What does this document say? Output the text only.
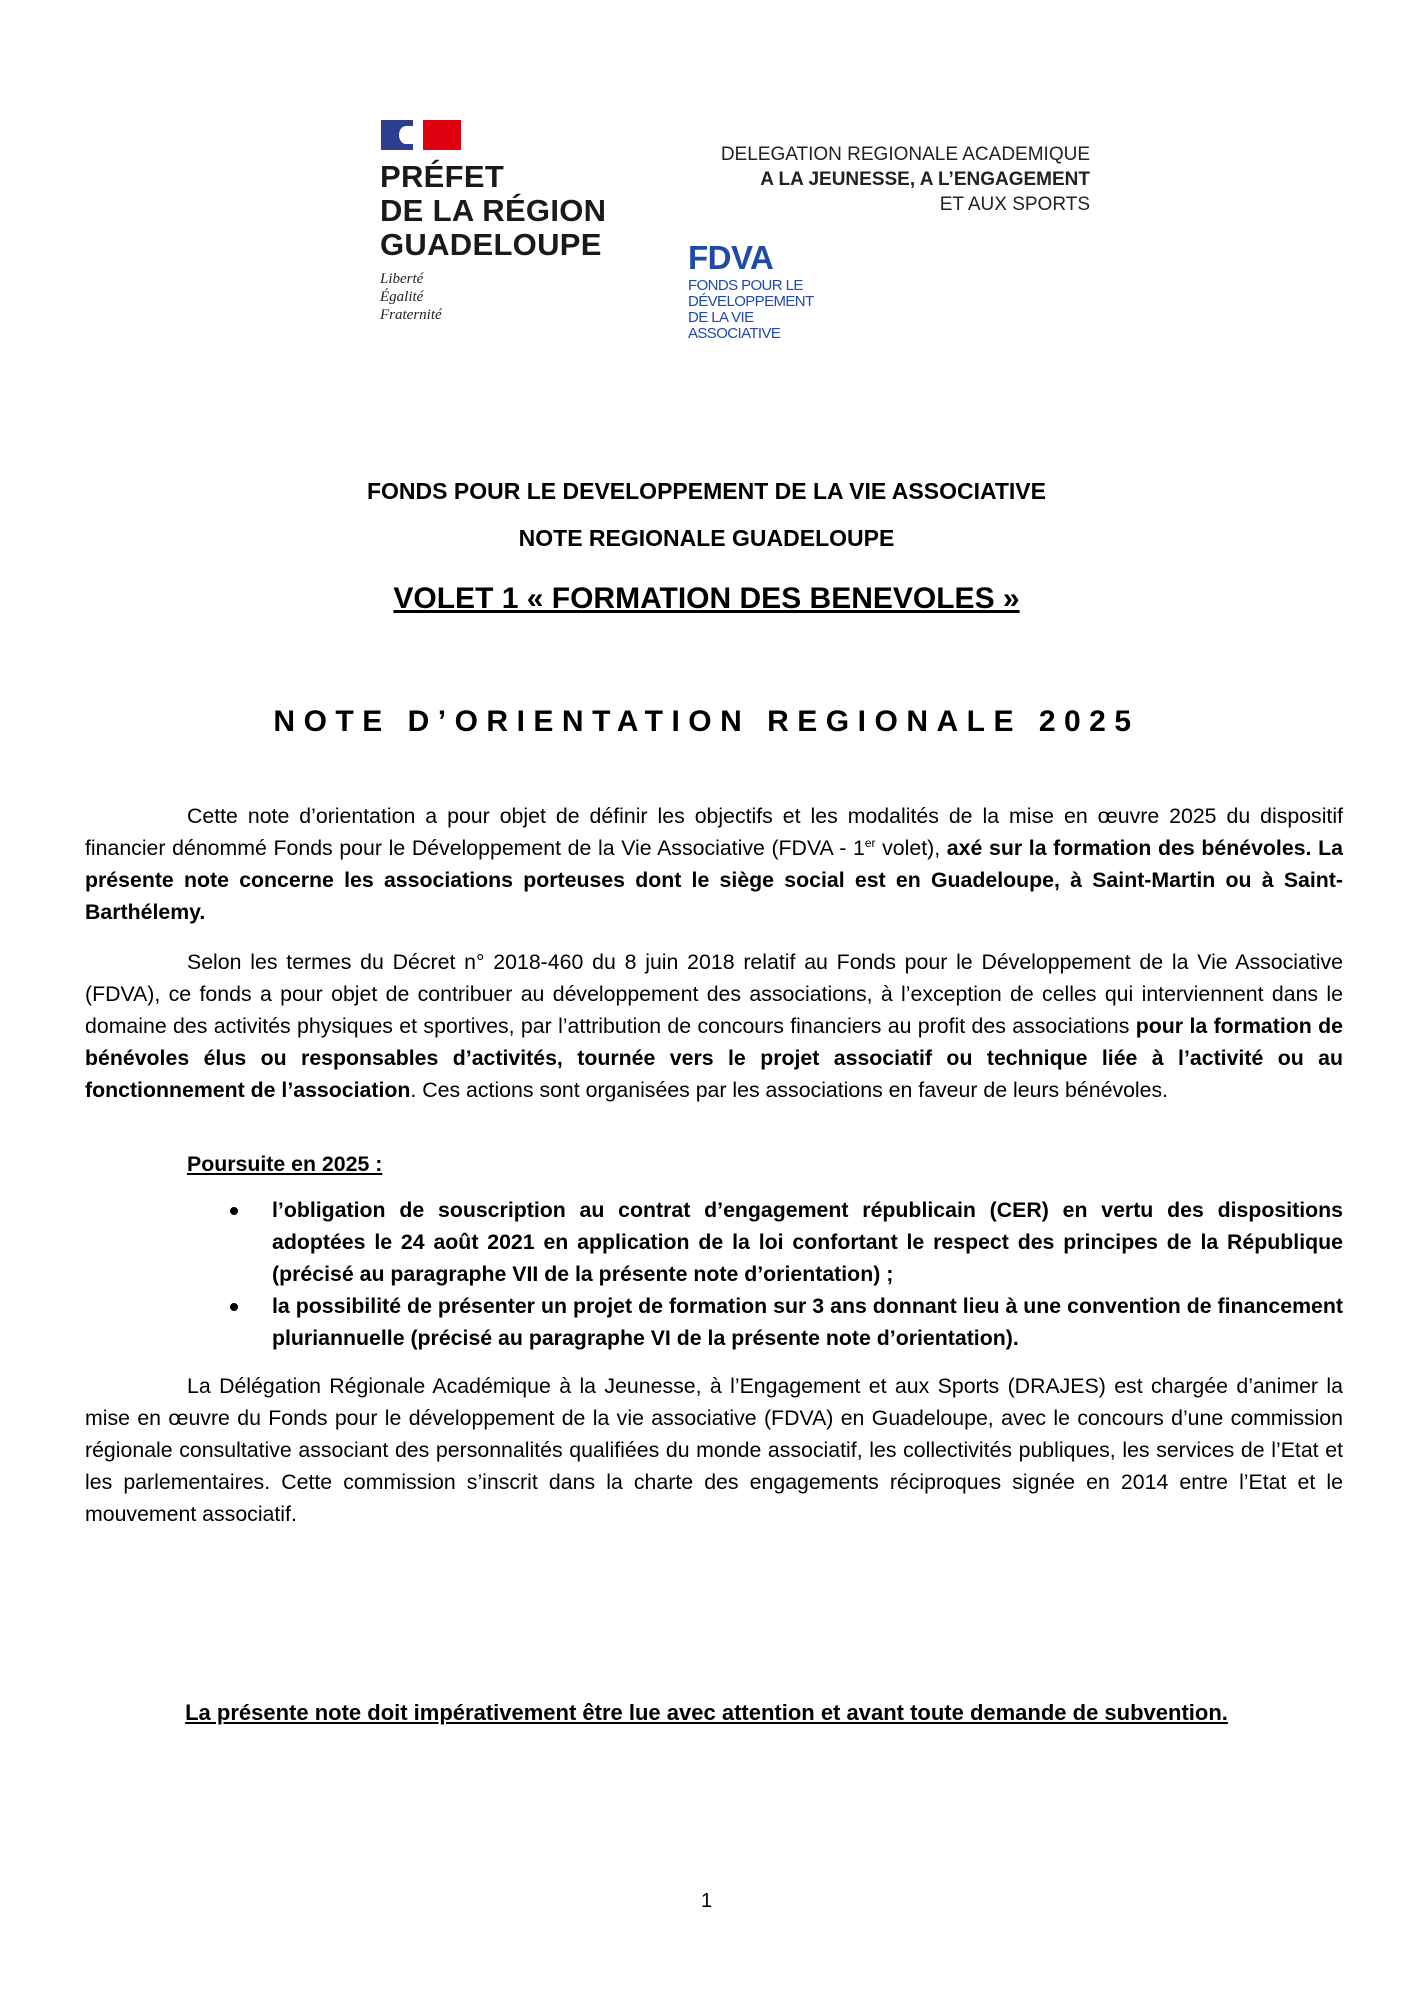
PRÉFET
DE LA RÉGION
GUADELOUPE
Liberté
Égalité
Fraternité
DELEGATION REGIONALE ACADEMIQUE
A LA JEUNESSE, A L’ENGAGEMENT
ET AUX SPORTS
FDVA
FONDS POUR LE
DÉVELOPPEMENT
DE LA VIE
ASSOCIATIVE
FONDS POUR LE DEVELOPPEMENT DE LA VIE ASSOCIATIVE
NOTE REGIONALE GUADELOUPE
VOLET 1 « FORMATION DES BENEVOLES »
NOTE D’ORIENTATION REGIONALE 2025

Cette note d’orientation a pour objet de définir les objectifs et les modalités de la mise en œuvre 2025 du dispositif financier dénommé Fonds pour le Développement de la Vie Associative (FDVA - 1er volet), axé sur la formation des bénévoles. La présente note concerne les associations porteuses dont le siège social est en Guadeloupe, à Saint-Martin ou à Saint-Barthélemy.

Selon les termes du Décret n° 2018-460 du 8 juin 2018 relatif au Fonds pour le Développement de la Vie Associative (FDVA), ce fonds a pour objet de contribuer au développement des associations, à l’exception de celles qui interviennent dans le domaine des activités physiques et sportives, par l’attribution de concours financiers au profit des associations pour la formation de bénévoles élus ou responsables d’activités, tournée vers le projet associatif ou technique liée à l’activité ou au fonctionnement de l’association. Ces actions sont organisées par les associations en faveur de leurs bénévoles.

Poursuite en 2025 :
l’obligation de souscription au contrat d’engagement républicain (CER) en vertu des dispositions adoptées le 24 août 2021 en application de la loi confortant le respect des principes de la République (précisé au paragraphe VII de la présente note d’orientation) ;
la possibilité de présenter un projet de formation sur 3 ans donnant lieu à une convention de financement pluriannuelle (précisé au paragraphe VI de la présente note d’orientation).

La Délégation Régionale Académique à la Jeunesse, à l’Engagement et aux Sports (DRAJES) est chargée d’animer la mise en œuvre du Fonds pour le développement de la vie associative (FDVA) en Guadeloupe, avec le concours d’une commission régionale consultative associant des personnalités qualifiées du monde associatif, les collectivités publiques, les services de l’Etat et les parlementaires. Cette commission s’inscrit dans la charte des engagements réciproques signée en 2014 entre l’Etat et le mouvement associatif.

La présente note doit impérativement être lue avec attention et avant toute demande de subvention.
1
